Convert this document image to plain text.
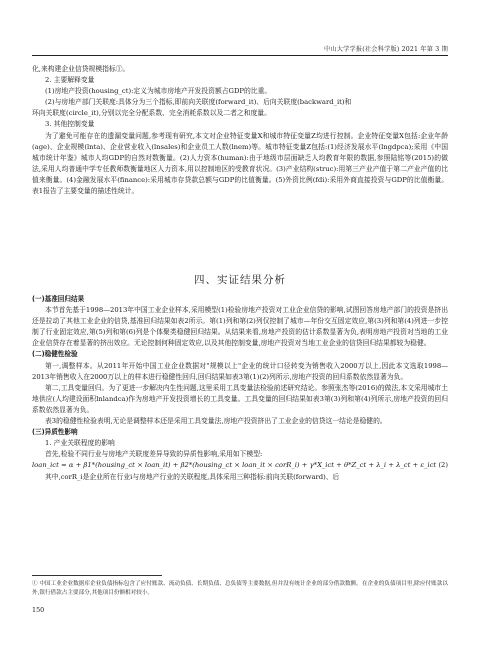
中山大学学报(社会科学版) 2021 年第 3 期
化,来构建企业信贷规模指标①。
2. 主要解释变量
(1)房地产投资(housing_ct):定义为城市房地产开发投资额占GDP的比重。
(2)与房地产部门关联度:具体分为三个指标,即前向关联度(forward_it)、后向关联度(backward_it)和
环向关联度(circle_it),分别以完全分配系数、完全消耗系数以及二者之和度量。
3. 其他控制变量
为了避免可能存在的遗漏变量问题,参考现有研究,本文对企业特征变量X和城市特征变量Z均进行控制。企业特征变量X包括:企业年龄(age)、企业规模(lnta)、企业营业收入(lnsales)和企业员工人数(lnem)等。城市特征变量Z包括:(1)经济发展水平(lngdpca);采用《中国城市统计年鉴》城市人均GDP的自然对数衡量。(2)人力资本(human):由于地级市层面缺乏人均教育年限的数据,参照陆铭等(2015)的做法,采用人均普通中学专任教师数衡量地区人力资本,用以控制地区的受教育状况。(3)产业结构(struc):用第三产业产值于第二产业产值的比值来衡量。(4)金融发展水平(finance):采用城市存贷款总额与GDP的比值衡量。(5)外资比例(fdi):采用外商直接投资与GDP的比值衡量。表1报告了主要变量的描述性统计。
四、实证结果分析
(一)基准回归结果
本节首先基于1998—2013年中国工业企业样本,采用模型(1)检验房地产投资对工业企业信贷的影响,试图回答房地产部门的投资是挤出还是拉动了其他工业企业的信贷,基准回归结果如表2所示。第(1)列和第(2)列仅控制了城市—年份交互固定效应,第(3)列和第(4)列进一步控制了行业固定效应,第(5)列和第(6)列是个体聚类稳健回归结果。从结果来看,房地产投资的估计系数显著为负,表明房地产投资对当地的工业企业信贷存在着显著的挤出效应。无论控制何种固定效应,以及其他控制变量,房地产投资对当地工业企业的信贷回归结果都较为稳健。
(二)稳健性检验
第一,调整样本。从2011年开始中国工业企业数据对"规模以上"企业的统计口径转变为销售收入2000万以上,因此本文选取1998—2013年销售收入在2000万以上的样本进行稳健性回归,回归结果如表3第(1)(2)列所示,房地产投资的回归系数依然显著为负。
第二,工具变量回归。为了更进一步解决内生性问题,这里采用工具变量法检验前述研究结论。参照张杰等(2016)的做法,本文采用城市土地供应(人均建设面积lnlandca)作为房地产开发投资增长的工具变量。工具变量的回归结果如表3第(3)列和第(4)列所示,房地产投资的回归系数依然显著为负。
表3的稳健性检验表明,无论是调整样本还是采用工具变量法,房地产投资挤出了工业企业的信贷这一结论是稳健的。
(三)异质性影响
1. 产业关联程度的影响
首先,检验不同行业与房地产关联度差异导致的异质性影响,采用如下模型:
loan_ict = α + β1*(housing_ct × loan_it) + β2*(housing_ct × loan_it × corR_i) + γ*X_ict + θ*Z_ct + λ_i + λ_ct + ε_ict (2)
其中,corR_i是企业所在行业i与房地产行业的关联程度,具体采用三种指标:前向关联(forward)、后
① 中国工业企业数据库企业负债指标包含了应付账款、流动负债、长期负债、总负债等主要数据,但并没有统计企业的部分借款数额。在企业的负债项目里,除应付账款以外,银行借款占主要部分,其他项目份额相对较小。
150
